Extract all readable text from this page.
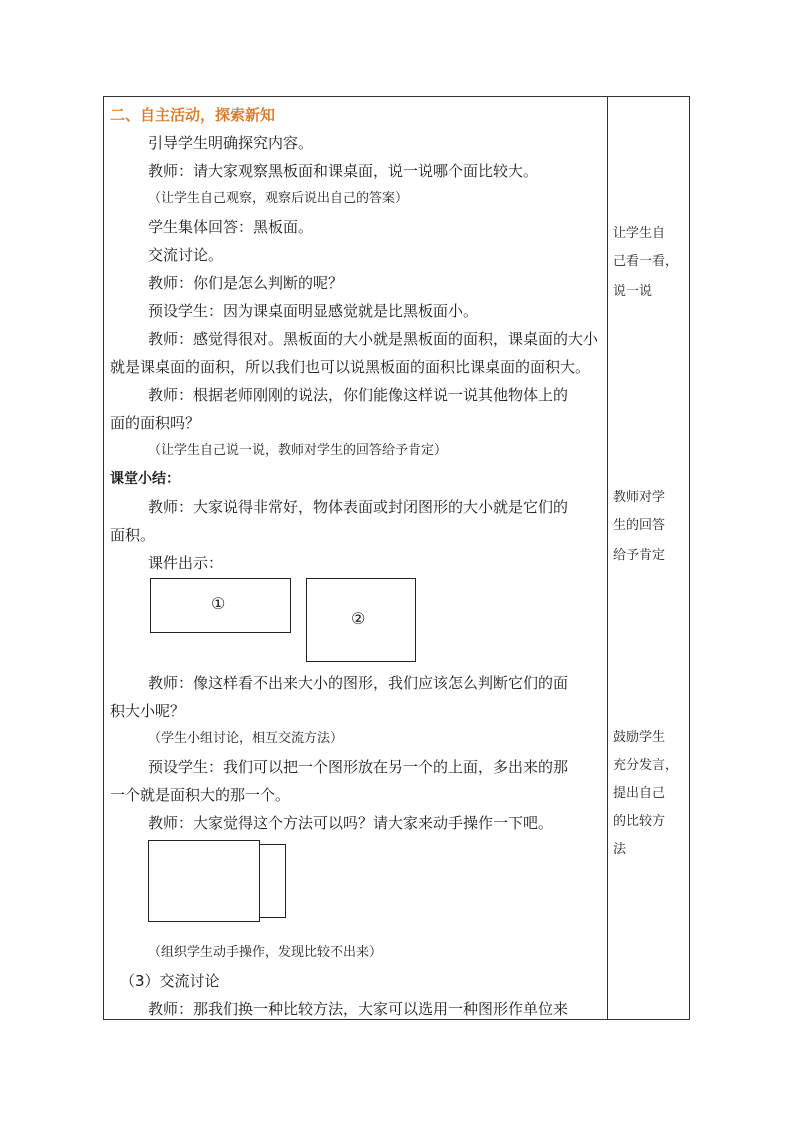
二、自主活动，探索新知
引导学生明确探究内容。
教师：请大家观察黑板面和课桌面，说一说哪个面比较大。
（让学生自己观察，观察后说出自己的答案）
学生集体回答：黑板面。
交流讨论。
教师：你们是怎么判断的呢？
预设学生：因为课桌面明显感觉就是比黑板面小。
教师：感觉得很对。黑板面的大小就是黑板面的面积，课桌面的大小
就是课桌面的面积，所以我们也可以说黑板面的面积比课桌面的面积大。
教师：根据老师刚刚的说法，你们能像这样说一说其他物体上的
面的面积吗？
（让学生自己说一说，教师对学生的回答给予肯定）
课堂小结：
教师：大家说得非常好，物体表面或封闭图形的大小就是它们的
面积。
课件出示：
①
②
教师：像这样看不出来大小的图形，我们应该怎么判断它们的面
积大小呢？
（学生小组讨论，相互交流方法）
预设学生：我们可以把一个图形放在另一个的上面，多出来的那
一个就是面积大的那一个。
教师：大家觉得这个方法可以吗？请大家来动手操作一下吧。
（组织学生动手操作，发现比较不出来）
（3）交流讨论
教师：那我们换一种比较方法，大家可以选用一种图形作单位来
让学生自
己看一看，
说一说
教师对学
生的回答
给予肯定
鼓励学生
充分发言，
提出自己
的比较方
法
